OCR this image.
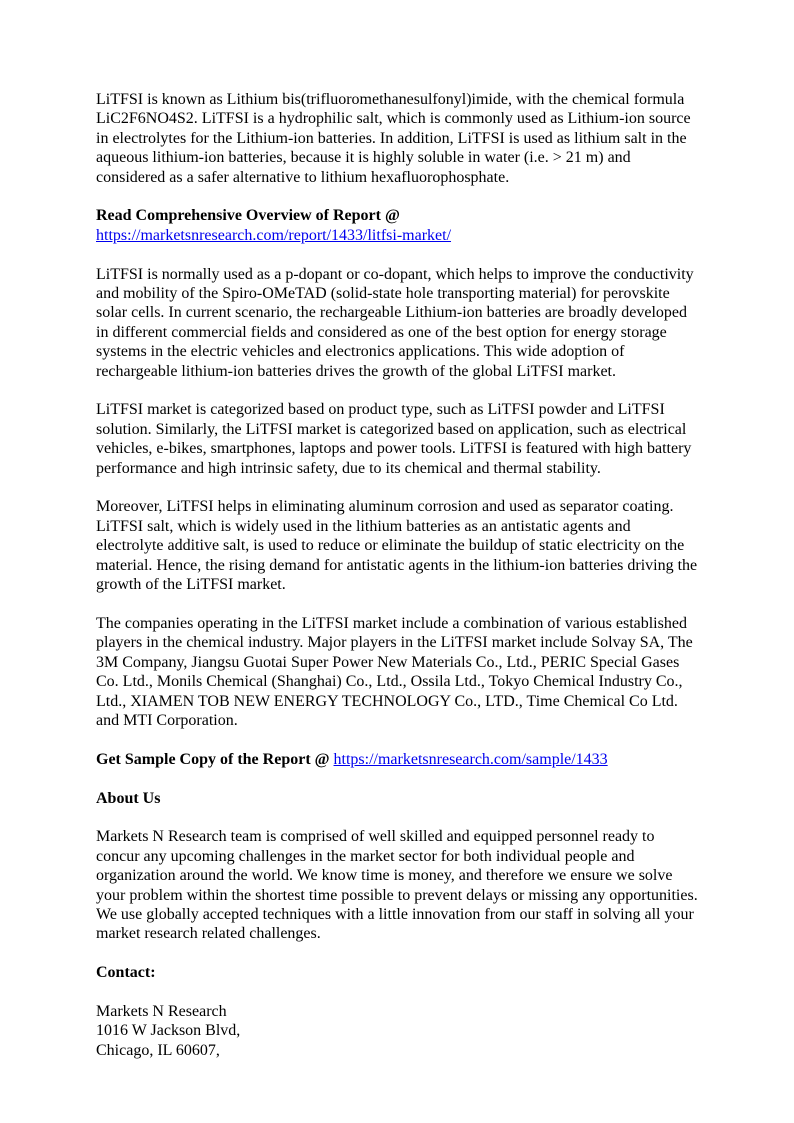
LiTFSI is known as Lithium bis(trifluoromethanesulfonyl)imide, with the chemical formula LiC2F6NO4S2. LiTFSI is a hydrophilic salt, which is commonly used as Lithium-ion source in electrolytes for the Lithium-ion batteries. In addition, LiTFSI is used as lithium salt in the aqueous lithium-ion batteries, because it is highly soluble in water (i.e. > 21 m) and considered as a safer alternative to lithium hexafluorophosphate.

Read Comprehensive Overview of Report @
https://marketsnresearch.com/report/1433/litfsi-market/

LiTFSI is normally used as a p-dopant or co-dopant, which helps to improve the conductivity and mobility of the Spiro-OMeTAD (solid-state hole transporting material) for perovskite solar cells. In current scenario, the rechargeable Lithium-ion batteries are broadly developed in different commercial fields and considered as one of the best option for energy storage systems in the electric vehicles and electronics applications. This wide adoption of rechargeable lithium-ion batteries drives the growth of the global LiTFSI market.

LiTFSI market is categorized based on product type, such as LiTFSI powder and LiTFSI solution. Similarly, the LiTFSI market is categorized based on application, such as electrical vehicles, e-bikes, smartphones, laptops and power tools. LiTFSI is featured with high battery performance and high intrinsic safety, due to its chemical and thermal stability.

Moreover, LiTFSI helps in eliminating aluminum corrosion and used as separator coating. LiTFSI salt, which is widely used in the lithium batteries as an antistatic agents and electrolyte additive salt, is used to reduce or eliminate the buildup of static electricity on the material. Hence, the rising demand for antistatic agents in the lithium-ion batteries driving the growth of the LiTFSI market.

The companies operating in the LiTFSI market include a combination of various established players in the chemical industry. Major players in the LiTFSI market include Solvay SA, The 3M Company, Jiangsu Guotai Super Power New Materials Co., Ltd., PERIC Special Gases Co. Ltd., Monils Chemical (Shanghai) Co., Ltd., Ossila Ltd., Tokyo Chemical Industry Co., Ltd., XIAMEN TOB NEW ENERGY TECHNOLOGY Co., LTD., Time Chemical Co Ltd. and MTI Corporation.

Get Sample Copy of the Report @ https://marketsnresearch.com/sample/1433

About Us

Markets N Research team is comprised of well skilled and equipped personnel ready to concur any upcoming challenges in the market sector for both individual people and organization around the world. We know time is money, and therefore we ensure we solve your problem within the shortest time possible to prevent delays or missing any opportunities. We use globally accepted techniques with a little innovation from our staff in solving all your market research related challenges.

Contact:

Markets N Research
1016 W Jackson Blvd,
Chicago, IL 60607,
